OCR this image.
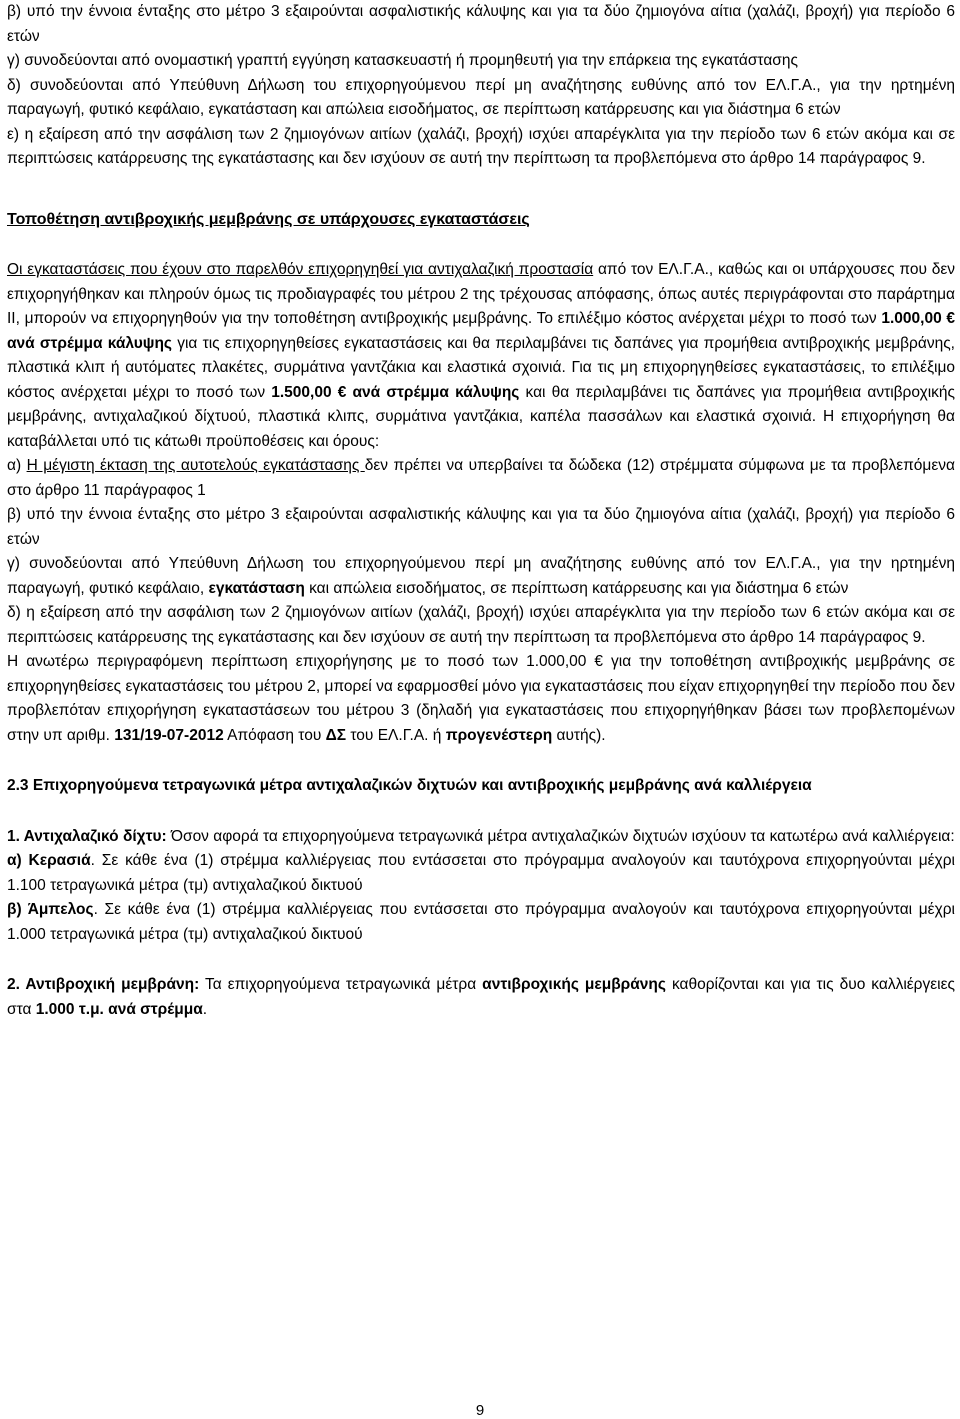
β) υπό την έννοια ένταξης στο μέτρο 3 εξαιρούνται ασφαλιστικής κάλυψης και για τα δύο ζημιογόνα αίτια (χαλάζι, βροχή) για περίοδο 6 ετών

γ) συνοδεύονται από ονομαστική γραπτή εγγύηση κατασκευαστή ή προμηθευτή για την επάρκεια της εγκατάστασης

δ) συνοδεύονται από Υπεύθυνη Δήλωση του επιχορηγούμενου περί μη αναζήτησης ευθύνης από τον ΕΛ.Γ.Α., για την ηρτημένη παραγωγή, φυτικό κεφάλαιο, εγκατάσταση και απώλεια εισοδήματος, σε περίπτωση κατάρρευσης και για διάστημα 6 ετών

ε) η εξαίρεση από την ασφάλιση των 2 ζημιογόνων αιτίων (χαλάζι, βροχή) ισχύει απαρέγκλιτα για την περίοδο των 6 ετών ακόμα και σε περιπτώσεις κατάρρευσης της εγκατάστασης και δεν ισχύουν σε αυτή την περίπτωση τα προβλεπόμενα στο άρθρο 14 παράγραφος 9.

Τοποθέτηση αντιβροχικής μεμβράνης σε υπάρχουσες εγκαταστάσεις

Οι εγκαταστάσεις που έχουν στο παρελθόν επιχορηγηθεί για αντιχαλαζική προστασία από τον ΕΛ.Γ.Α., καθώς και οι υπάρχουσες που δεν επιχορηγήθηκαν και πληρούν όμως τις προδιαγραφές του μέτρου 2 της τρέχουσας απόφασης, όπως αυτές περιγράφονται στο παράρτημα ΙΙ, μπορούν να επιχορηγηθούν για την τοποθέτηση αντιβροχικής μεμβράνης. Το επιλέξιμο κόστος ανέρχεται μέχρι το ποσό των 1.000,00 € ανά στρέμμα κάλυψης για τις επιχορηγηθείσες εγκαταστάσεις και θα περιλαμβάνει τις δαπάνες για προμήθεια αντιβροχικής μεμβράνης, πλαστικά κλιπ ή αυτόματες πλακέτες, συρμάτινα γαντζάκια και ελαστικά σχοινιά. Για τις μη επιχορηγηθείσες εγκαταστάσεις, το επιλέξιμο κόστος ανέρχεται μέχρι το ποσό των 1.500,00 € ανά στρέμμα κάλυψης και θα περιλαμβάνει τις δαπάνες για προμήθεια αντιβροχικής μεμβράνης, αντιχαλαζικού δίχτυού, πλαστικά κλιπς, συρμάτινα γαντζάκια, καπέλα πασσάλων και ελαστικά σχοινιά. Η επιχορήγηση θα καταβάλλεται υπό τις κάτωθι προϋποθέσεις και όρους:

α) Η μέγιστη έκταση της αυτοτελούς εγκατάστασης δεν πρέπει να υπερβαίνει τα δώδεκα (12) στρέμματα σύμφωνα με τα προβλεπόμενα στο άρθρο 11 παράγραφος 1

β) υπό την έννοια ένταξης στο μέτρο 3 εξαιρούνται ασφαλιστικής κάλυψης και για τα δύο ζημιογόνα αίτια (χαλάζι, βροχή) για περίοδο 6 ετών

γ) συνοδεύονται από Υπεύθυνη Δήλωση του επιχορηγούμενου περί μη αναζήτησης ευθύνης από τον ΕΛ.Γ.Α., για την ηρτημένη παραγωγή, φυτικό κεφάλαιο, εγκατάσταση και απώλεια εισοδήματος, σε περίπτωση κατάρρευσης και για διάστημα 6 ετών

δ) η εξαίρεση από την ασφάλιση των 2 ζημιογόνων αιτίων (χαλάζι, βροχή) ισχύει απαρέγκλιτα για την περίοδο των 6 ετών ακόμα και σε περιπτώσεις κατάρρευσης της εγκατάστασης και δεν ισχύουν σε αυτή την περίπτωση τα προβλεπόμενα στο άρθρο 14 παράγραφος 9.

Η ανωτέρω περιγραφόμενη περίπτωση επιχορήγησης με το ποσό των 1.000,00 € για την τοποθέτηση αντιβροχικής μεμβράνης σε επιχορηγηθείσες εγκαταστάσεις του μέτρου 2, μπορεί να εφαρμοσθεί μόνο για εγκαταστάσεις που είχαν επιχορηγηθεί την περίοδο που δεν προβλεπόταν επιχορήγηση εγκαταστάσεων του μέτρου 3 (δηλαδή για εγκαταστάσεις που επιχορηγήθηκαν βάσει των προβλεπομένων στην υπ αριθμ. 131/19-07-2012 Απόφαση του ΔΣ του ΕΛ.Γ.Α. ή προγενέστερη αυτής).

2.3 Επιχορηγούμενα τετραγωνικά μέτρα αντιχαλαζικών διχτυών και αντιβροχικής μεμβράνης ανά καλλιέργεια

1. Αντιχαλαζικό δίχτυ: Όσον αφορά τα επιχορηγούμενα τετραγωνικά μέτρα αντιχαλαζικών διχτυών ισχύουν τα κατωτέρω ανά καλλιέργεια:

α) Κερασιά. Σε κάθε ένα (1) στρέμμα καλλιέργειας που εντάσσεται στο πρόγραμμα αναλογούν και ταυτόχρονα επιχορηγούνται μέχρι 1.100 τετραγωνικά μέτρα (τμ) αντιχαλαζικού δικτυού

β) Άμπελος. Σε κάθε ένα (1) στρέμμα καλλιέργειας που εντάσσεται στο πρόγραμμα αναλογούν και ταυτόχρονα επιχορηγούνται μέχρι 1.000 τετραγωνικά μέτρα (τμ) αντιχαλαζικού δικτυού

2. Αντιβροχική μεμβράνη: Τα επιχορηγούμενα τετραγωνικά μέτρα αντιβροχικής μεμβράνης καθορίζονται και για τις δυο καλλιέργειες στα 1.000 τ.μ. ανά στρέμμα.

9
